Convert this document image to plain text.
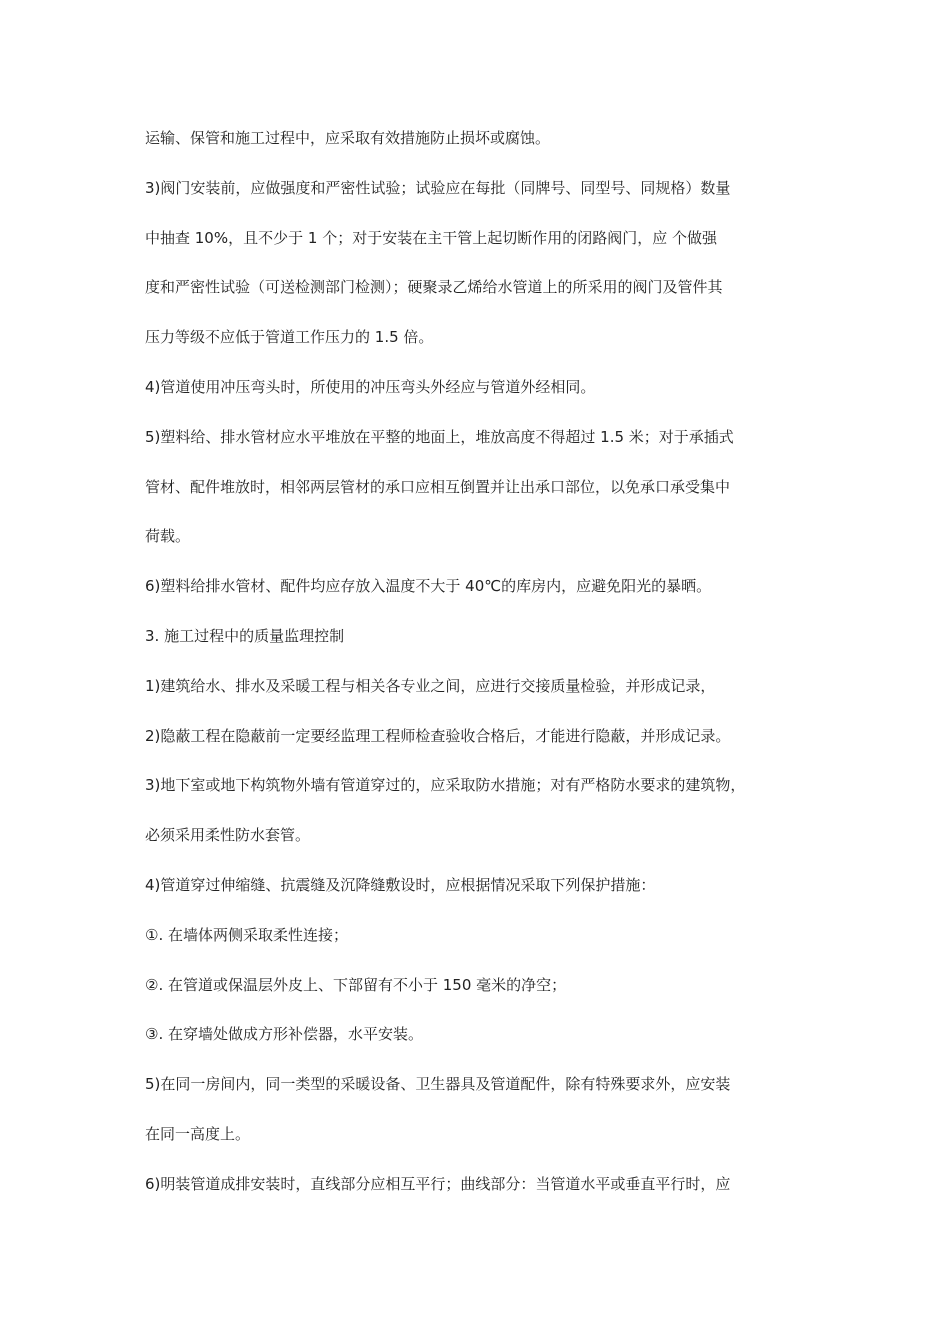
运输、保管和施工过程中，应采取有效措施防止损坏或腐蚀。
3)阀门安装前，应做强度和严密性试验；试验应在每批（同牌号、同型号、同规格）数量
中抽查 10%，且不少于 1 个；对于安装在主干管上起切断作用的闭路阀门，应 个做强
度和严密性试验（可送检测部门检测）；硬聚录乙烯给水管道上的所采用的阀门及管件其
压力等级不应低于管道工作压力的 1.5 倍。
4)管道使用冲压弯头时，所使用的冲压弯头外经应与管道外经相同。
5)塑料给、排水管材应水平堆放在平整的地面上，堆放高度不得超过 1.5 米；对于承插式
管材、配件堆放时，相邻两层管材的承口应相互倒置并让出承口部位，以免承口承受集中
荷载。
6)塑料给排水管材、配件均应存放入温度不大于 40℃的库房内，应避免阳光的暴晒。
3. 施工过程中的质量监理控制
1)建筑给水、排水及采暖工程与相关各专业之间，应进行交接质量检验，并形成记录，
2)隐蔽工程在隐蔽前一定要经监理工程师检查验收合格后，才能进行隐蔽，并形成记录。
3)地下室或地下构筑物外墙有管道穿过的，应采取防水措施；对有严格防水要求的建筑物，
必须采用柔性防水套管。
4)管道穿过伸缩缝、抗震缝及沉降缝敷设时，应根据情况采取下列保护措施：
①. 在墙体两侧采取柔性连接；
②. 在管道或保温层外皮上、下部留有不小于 150 毫米的净空；
③. 在穿墙处做成方形补偿器，水平安装。
5)在同一房间内，同一类型的采暖设备、卫生器具及管道配件，除有特殊要求外，应安装
在同一高度上。
6)明装管道成排安装时，直线部分应相互平行；曲线部分：当管道水平或垂直平行时，应
